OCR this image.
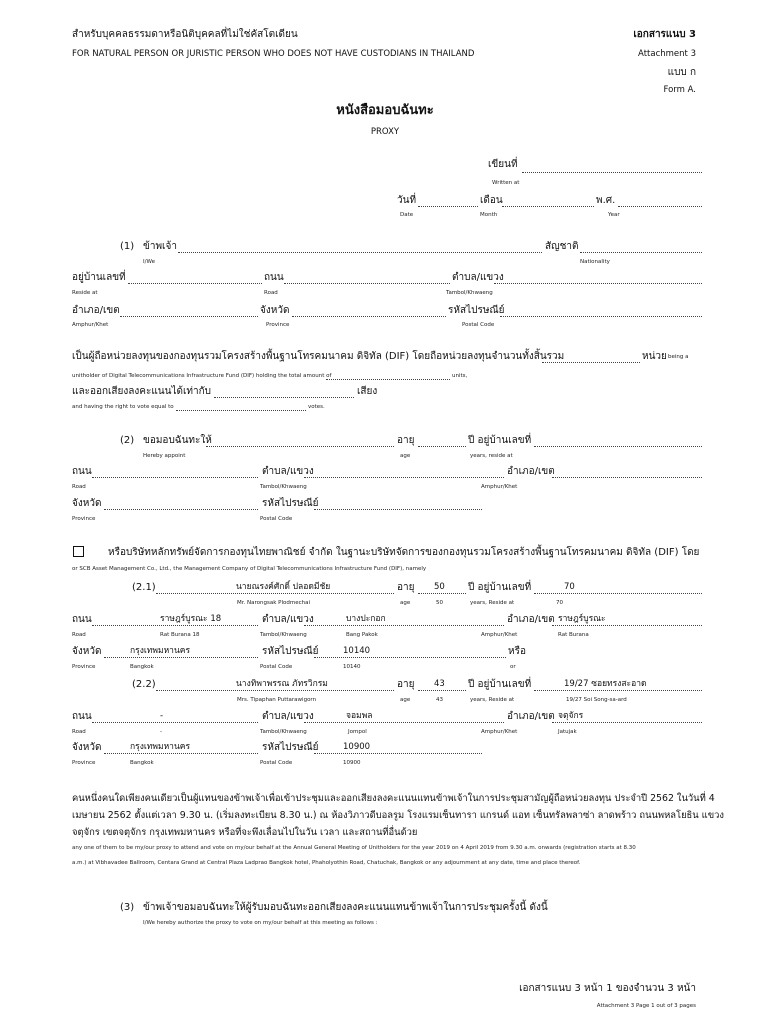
สำหรับบุคคลธรรมดาหรือนิติบุคคลที่ไม่ใช่คัสโตเดียน
FOR NATURAL PERSON OR JURISTIC PERSON WHO DOES NOT HAVE CUSTODIANS IN THAILAND
เอกสารแนบ 3
Attachment 3
แบบ ก
Form A.
หนังสือมอบฉันทะ
PROXY
เขียนที่
Written at
วันที่	เดือน	พ.ศ.
Date	Month	Year
(1) ข้าพเจ้า	สัญชาติ
I/We	Nationality
อยู่บ้านเลขที่	ถนน	ตำบล/แขวง
Reside at	Road	Tambol/Khwaeng
อำเภอ/เขต	จังหวัด	รหัสไปรษณีย์
Amphur/Khet	Province	Postal Code
เป็นผู้ถือหน่วยลงทุนของกองทุนรวมโครงสร้างพื้นฐานโทรคมนาคม ดิจิทัล (DIF) โดยถือหน่วยลงทุนจำนวนทั้งสิ้นรวม	หน่วย being a
unitholder of Digital Telecommunications Infrastructure Fund (DIF) holding the total amount of	units,
และออกเสียงลงคะแนนได้เท่ากับ	เสียง
and having the right to vote equal to	votes.
(2) ขอมอบฉันทะให้	อายุ	ปี อยู่บ้านเลขที่
Hereby appoint	age	years, reside at
ถนน	ตำบล/แขวง	อำเภอ/เขต
Road	Tambol/Khwaeng	Amphur/Khet
จังหวัด	รหัสไปรษณีย์
Province	Postal Code
หรือบริษัทหลักทรัพย์จัดการกองทุนไทยพาณิชย์ จำกัด ในฐานะบริษัทจัดการของกองทุนรวมโครงสร้างพื้นฐานโทรคมนาคม ดิจิทัล (DIF) โดย
or SCB Asset Management Co., Ltd., the Management Company of Digital Telecommunications Infrastructure Fund (DIF), namely
(2.1)	นายณรงค์ศักดิ์ ปลอดมีชัย	อายุ 50 ปี อยู่บ้านเลขที่	70
Mr. Narongsak Plodmechai	age	50	years, Reside at	70
ถนน	ราษฎร์บูรณะ 18	ตำบล/แขวง	บางปะกอก	อำเภอ/เขต ราษฎร์บูรณะ
Road	Rat Burana 18	Tambol/Khwaeng	Bang Pakok	Amphur/Khet	Rat Burana
จังหวัด	กรุงเทพมหานคร	รหัสไปรษณีย์	10140	หรือ
Province	Bangkok	Postal Code	10140	or
(2.2)	นางทิพาพรรณ ภัทรวิกรม	อายุ 43 ปี อยู่บ้านเลขที่	19/27 ซอยทรงสะอาด
Mrs. Tipaphan Puttarawigorn	age	43	years, Reside at	19/27 Soi Song-sa-ard
ถนน	-	ตำบล/แขวง	จอมพล	อำเภอ/เขต จตุจักร
Road	-	Tambol/Khwaeng	Jompol	Amphur/Khet	Jatujak
จังหวัด	กรุงเทพมหานคร	รหัสไปรษณีย์	10900
Province	Bangkok	Postal Code	10900
คนหนึ่งคนใดเพียงคนเดียวเป็นผู้แทนของข้าพเจ้าเพื่อเข้าประชุมและออกเสียงลงคะแนนแทนข้าพเจ้าในการประชุมสามัญผู้ถือหน่วยลงทุน ประจำปี 2562 ในวันที่ 4
เมษายน 2562 ตั้งแต่เวลา 9.30 น. (เริ่มลงทะเบียน 8.30 น.) ณ ห้องวิภาวดีบอลรูม โรงแรมเซ็นทารา แกรนด์ แอท เซ็นทรัลพลาซ่า ลาดพร้าว ถนนพหลโยธิน แขวง
จตุจักร เขตจตุจักร กรุงเทพมหานคร หรือที่จะพึงเลื่อนไปในวัน เวลา และสถานที่อื่นด้วย
any one of them to be my/our proxy to attend and vote on my/our behalf at the Annual General Meeting of Unitholders for the year 2019 on 4 April 2019 from 9.30 a.m. onwards (registration starts at 8.30
a.m.) at Vibhavadee Ballroom, Centara Grand at Central Plaza Ladprao Bangkok hotel, Phaholyothin Road, Chatuchak, Bangkok or any adjournment at any date, time and place thereof.
(3) ข้าพเจ้าขอมอบฉันทะให้ผู้รับมอบฉันทะออกเสียงลงคะแนนแทนข้าพเจ้าในการประชุมครั้งนี้ ดังนี้
I/We hereby authorize the proxy to vote on my/our behalf at this meeting as follows :
เอกสารแนบ 3 หน้า 1 ของจำนวน 3 หน้า
Attachment 3 Page 1 out of 3 pages
